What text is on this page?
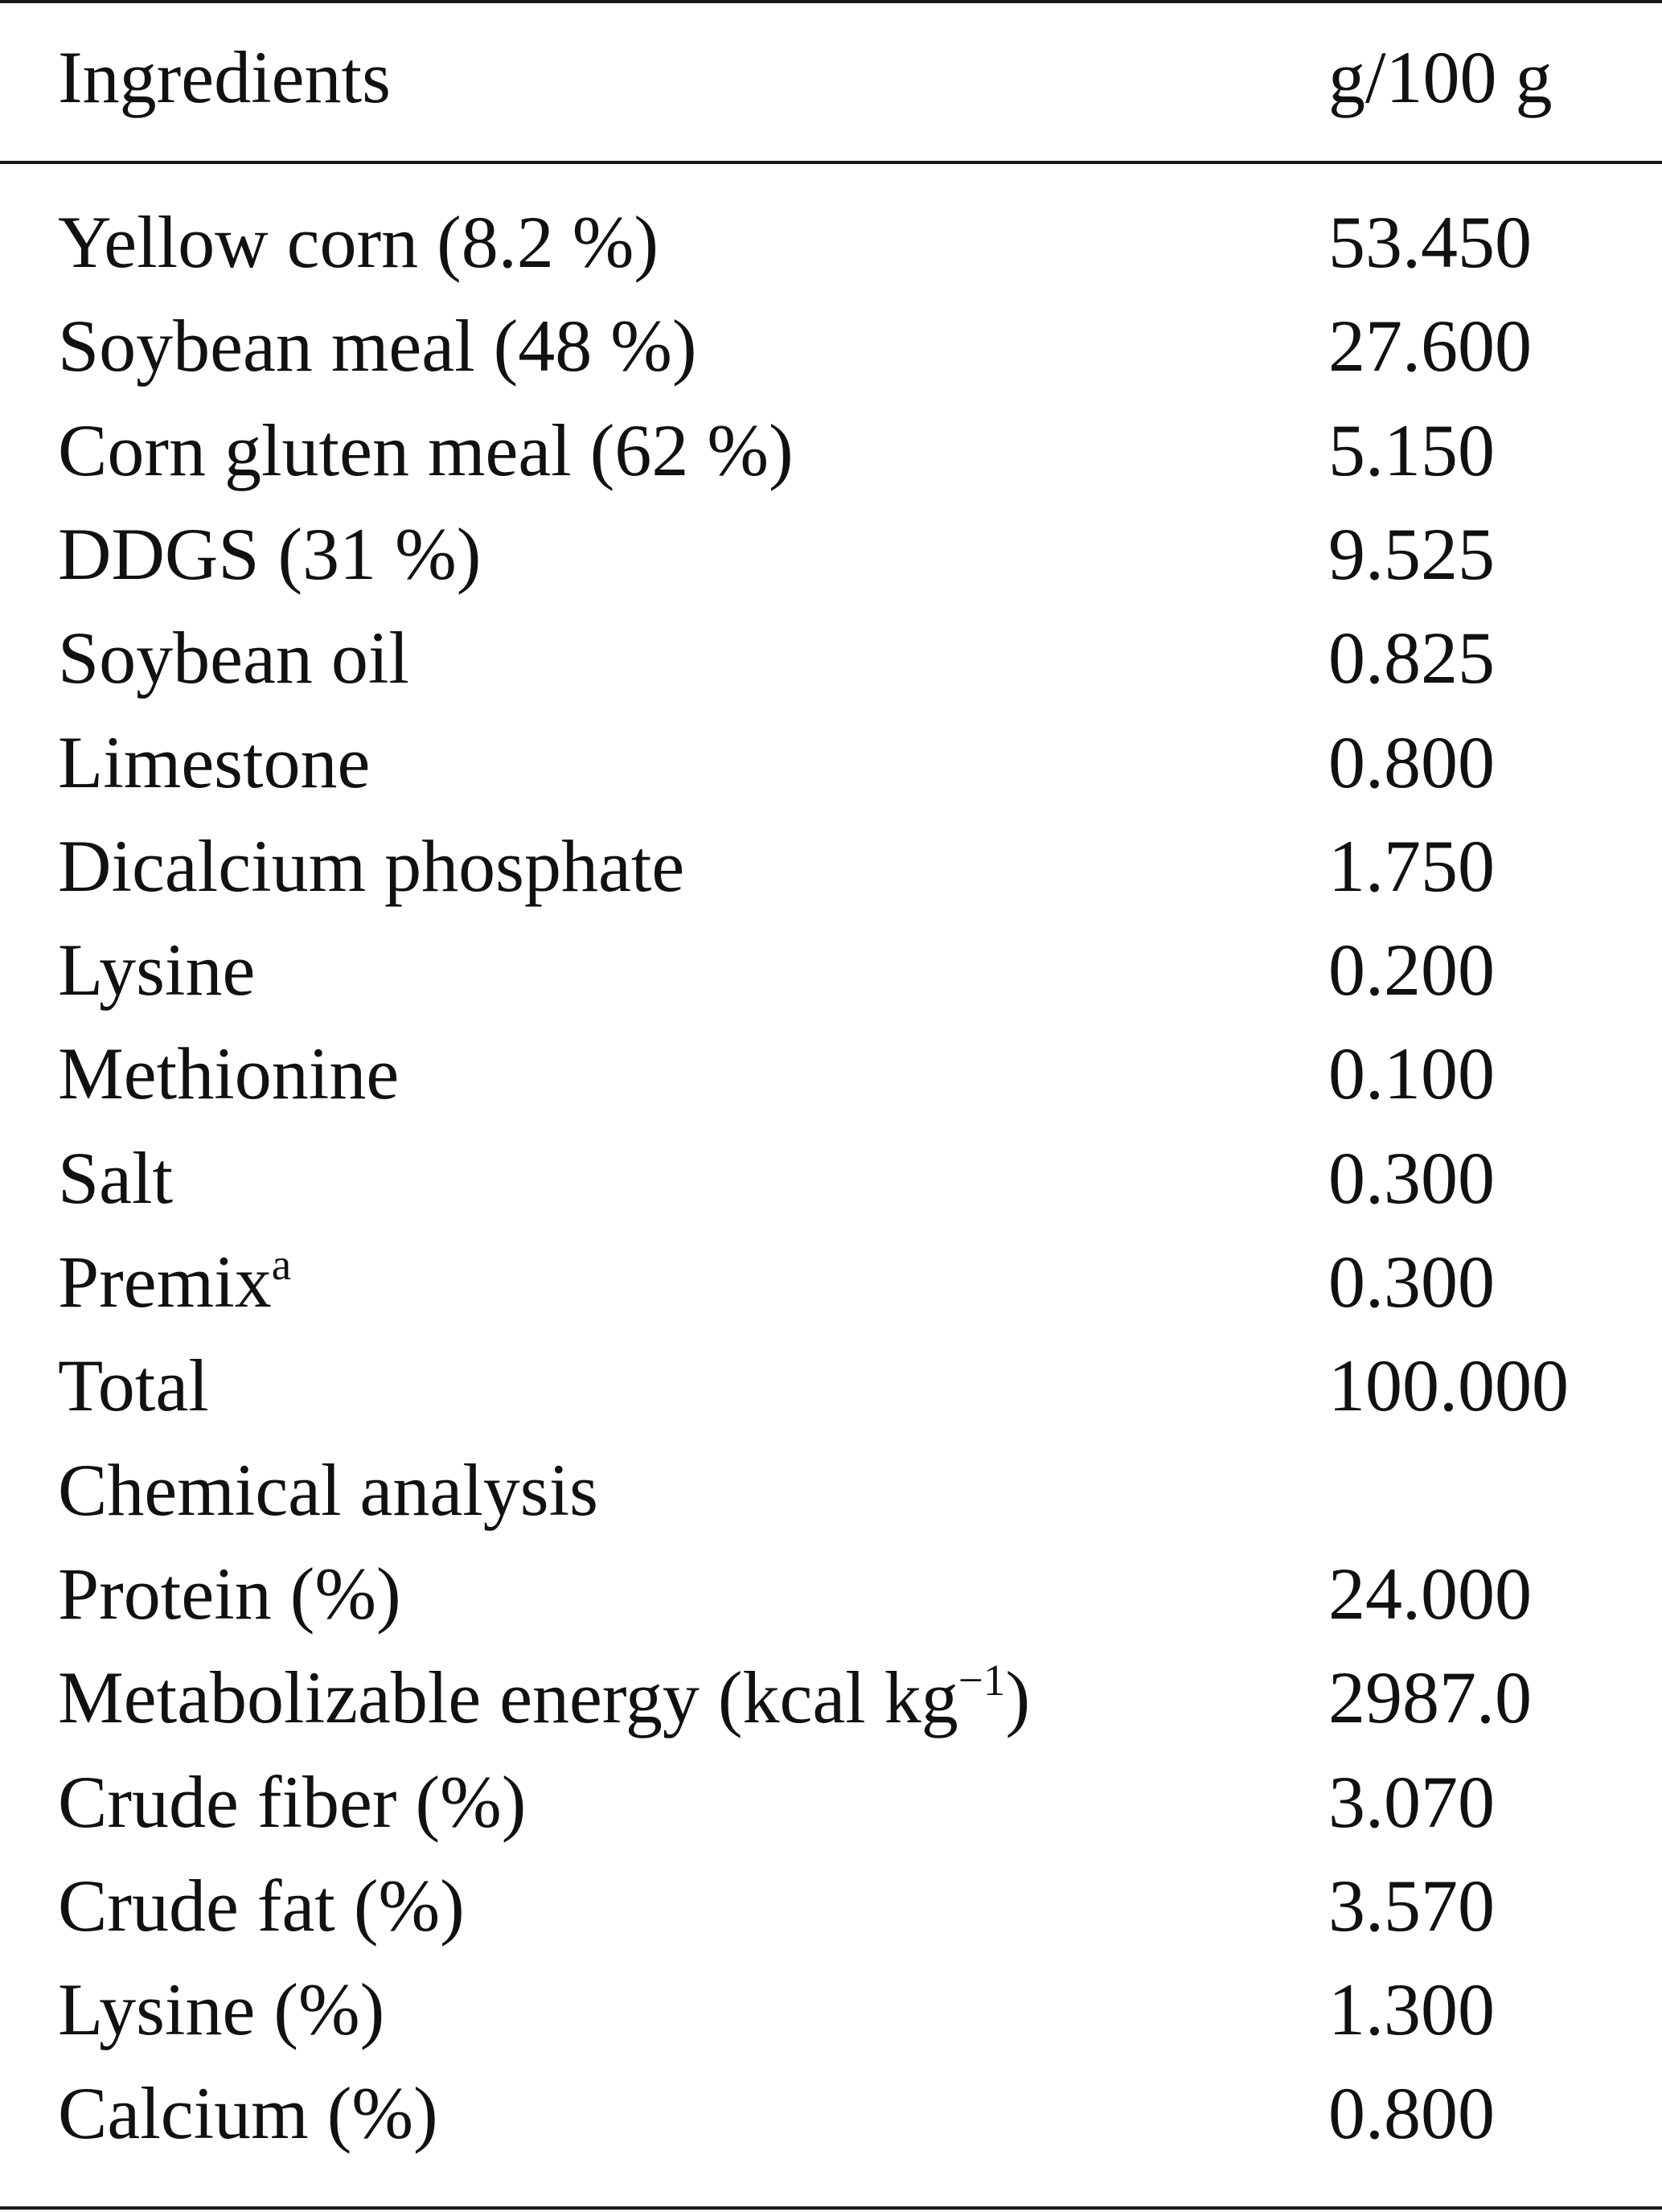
Ingredients	g/100 g
Yellow corn (8.2 %)	53.450
Soybean meal (48 %)	27.600
Corn gluten meal (62 %)	5.150
DDGS (31 %)	9.525
Soybean oil	0.825
Limestone	0.800
Dicalcium phosphate	1.750
Lysine	0.200
Methionine	0.100
Salt	0.300
Premix$^a$	0.300
Total	100.000
Chemical analysis
Protein (%)	24.000
Metabolizable energy (kcal $kg^{-1}$)	2987.0
Crude fiber (%)	3.070
Crude fat (%)	3.570
Lysine (%)	1.300
Calcium (%)	0.800
